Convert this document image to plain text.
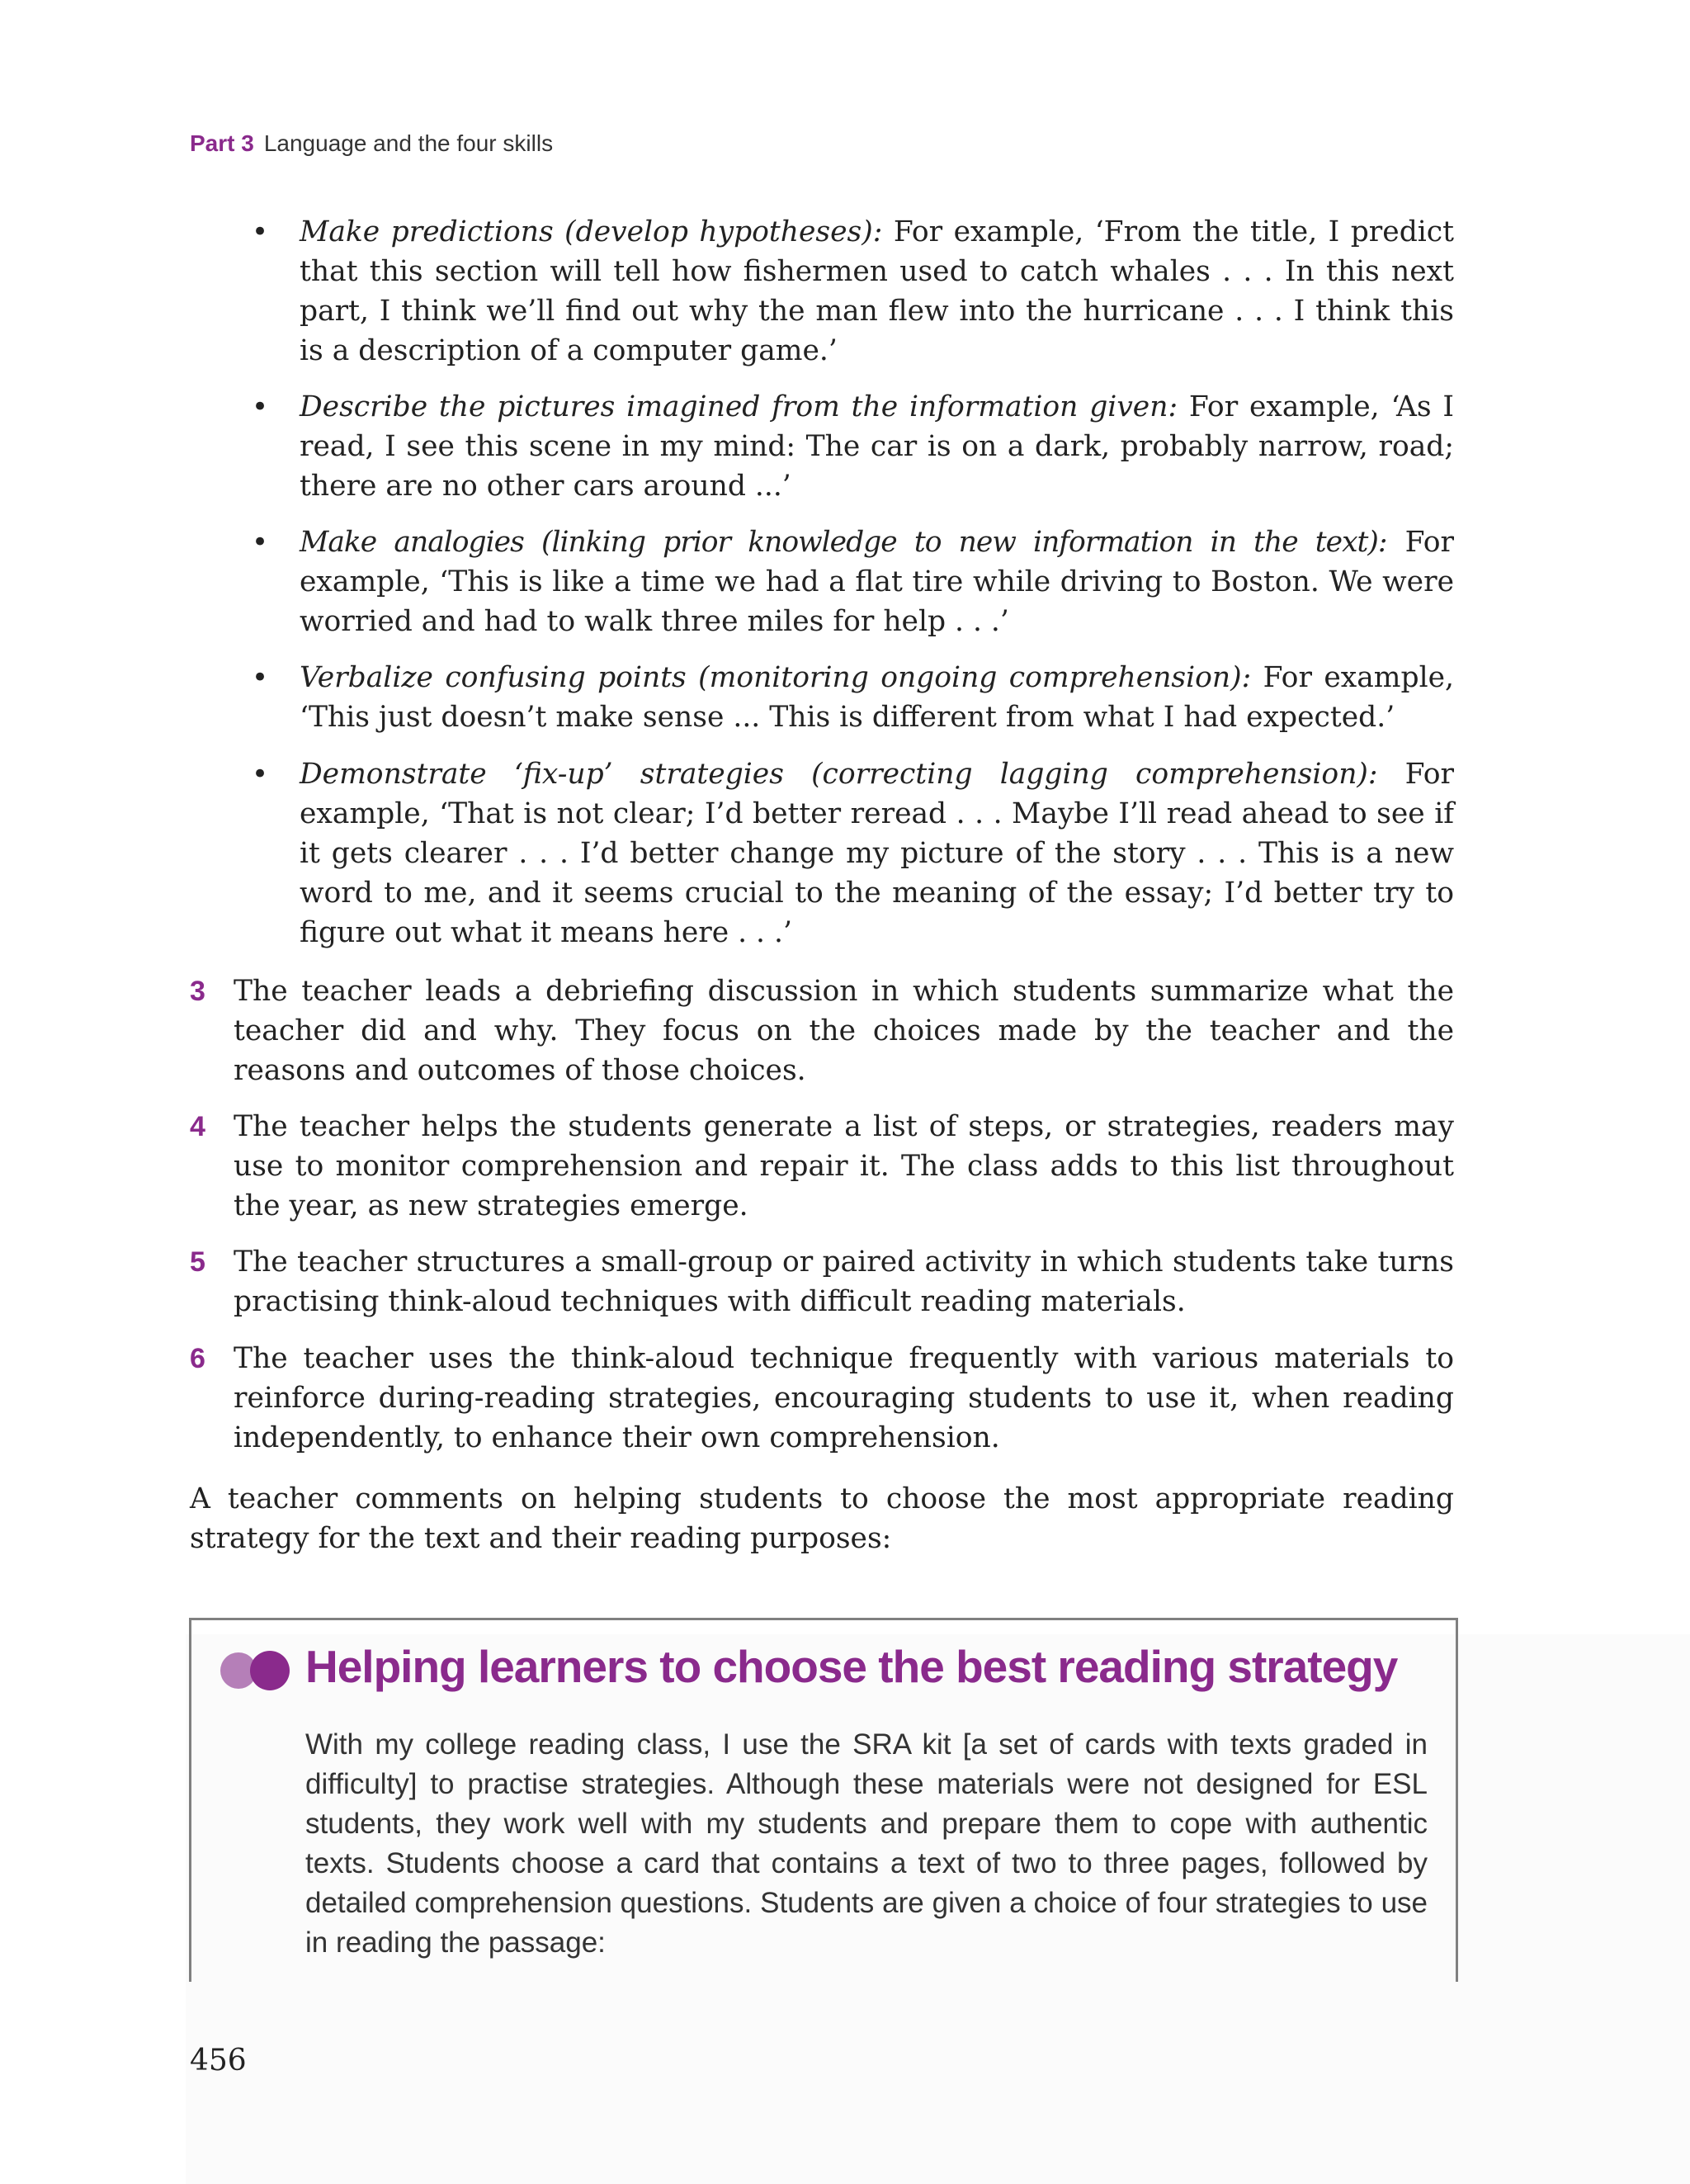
Part 3 Language and the four skills

• Make predictions (develop hypotheses): For example, ‘From the title, I predict that this section will tell how fishermen used to catch whales . . . In this next part, I think we’ll find out why the man flew into the hurricane . . . I think this is a description of a computer game.’

• Describe the pictures imagined from the information given: For example, ‘As I read, I see this scene in my mind: The car is on a dark, probably narrow, road; there are no other cars around ...’

• Make analogies (linking prior knowledge to new information in the text): For example, ‘This is like a time we had a flat tire while driving to Boston. We were worried and had to walk three miles for help . . .’

• Verbalize confusing points (monitoring ongoing comprehension): For example, ‘This just doesn’t make sense ... This is different from what I had expected.’

• Demonstrate ‘fix-up’ strategies (correcting lagging comprehension): For example, ‘That is not clear; I’d better reread . . . Maybe I’ll read ahead to see if it gets clearer . . . I’d better change my picture of the story . . . This is a new word to me, and it seems crucial to the meaning of the essay; I’d better try to figure out what it means here . . .’

3 The teacher leads a debriefing discussion in which students summarize what the teacher did and why. They focus on the choices made by the teacher and the reasons and outcomes of those choices.

4 The teacher helps the students generate a list of steps, or strategies, readers may use to monitor comprehension and repair it. The class adds to this list throughout the year, as new strategies emerge.

5 The teacher structures a small-group or paired activity in which students take turns practising think-aloud techniques with difficult reading materials.

6 The teacher uses the think-aloud technique frequently with various materials to reinforce during-reading strategies, encouraging students to use it, when reading independently, to enhance their own comprehension.

A teacher comments on helping students to choose the most appropriate reading strategy for the text and their reading purposes:

Helping learners to choose the best reading strategy

With my college reading class, I use the SRA kit [a set of cards with texts graded in difficulty] to practise strategies. Although these materials were not designed for ESL students, they work well with my students and prepare them to cope with authentic texts. Students choose a card that contains a text of two to three pages, followed by detailed comprehension questions. Students are given a choice of four strategies to use in reading the passage:

456
